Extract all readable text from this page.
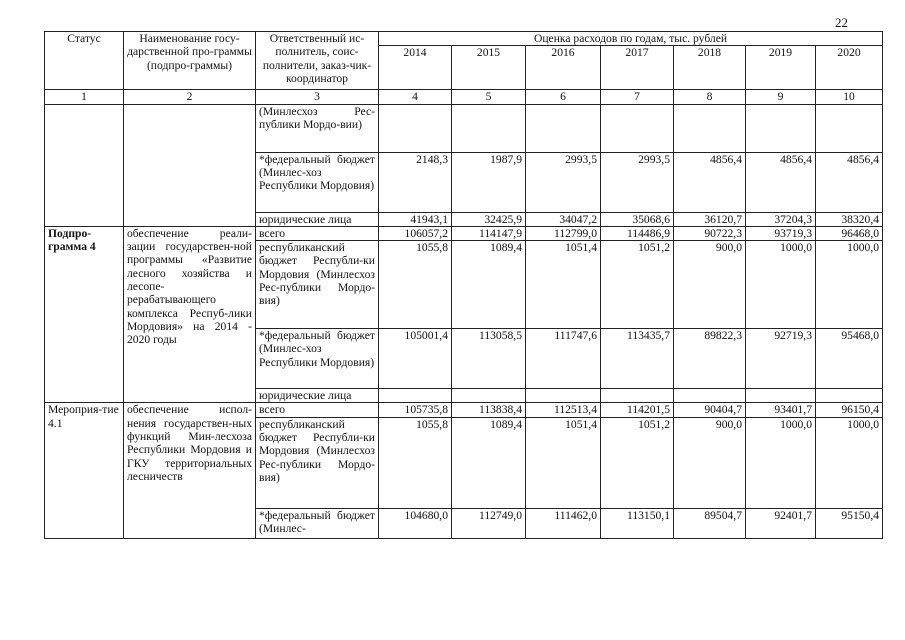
22
Статус	Наименование госу-дарственной про-граммы (подпро-граммы)	Ответственный ис-полнитель, соис-полнители, заказ-чик-координатор	Оценка расходов по годам, тыс. рублей						
			2014	2015	2016	2017	2018	2019	2020
1	2	3	4	5	6	7	8	9	10
		(Минлесхоз Рес-публики Мордо-вии)							
		*федеральный бюджет (Минлес-хоз Республики Мордовия)	2148,3	1987,9	2993,5	2993,5	4856,4	4856,4	4856,4
		юридические лица	41943,1	32425,9	34047,2	35068,6	36120,7	37204,3	38320,4
Подпро-грамма 4	обеспечение реали-зации государствен-ной программы «Развитие лесного хозяйства и лесопе-рерабатывающего комплекса Респуб-лики Мордовия» на 2014 - 2020 годы	всего	106057,2	114147,9	112799,0	114486,9	90722,3	93719,3	96468,0
		республиканский бюджет Республи-ки Мордовия (Минлесхоз Рес-публики Мордо-вия)	1055,8	1089,4	1051,4	1051,2	900,0	1000,0	1000,0
		*федеральный бюджет (Минлес-хоз Республики Мордовия)	105001,4	113058,5	111747,6	113435,7	89822,3	92719,3	95468,0
		юридические лица							
Мероприя-тие 4.1	обеспечение испол-нения государствен-ных функций Мин-лесхоза Республики Мордовия и ГКУ территориальных лесничеств	всего	105735,8	113838,4	112513,4	114201,5	90404,7	93401,7	96150,4
		республиканский бюджет Республи-ки Мордовия (Минлесхоз Рес-публики Мордо-вия)	1055,8	1089,4	1051,4	1051,2	900,0	1000,0	1000,0
		*федеральный бюджет (Минлес-	104680,0	112749,0	111462,0	113150,1	89504,7	92401,7	95150,4
